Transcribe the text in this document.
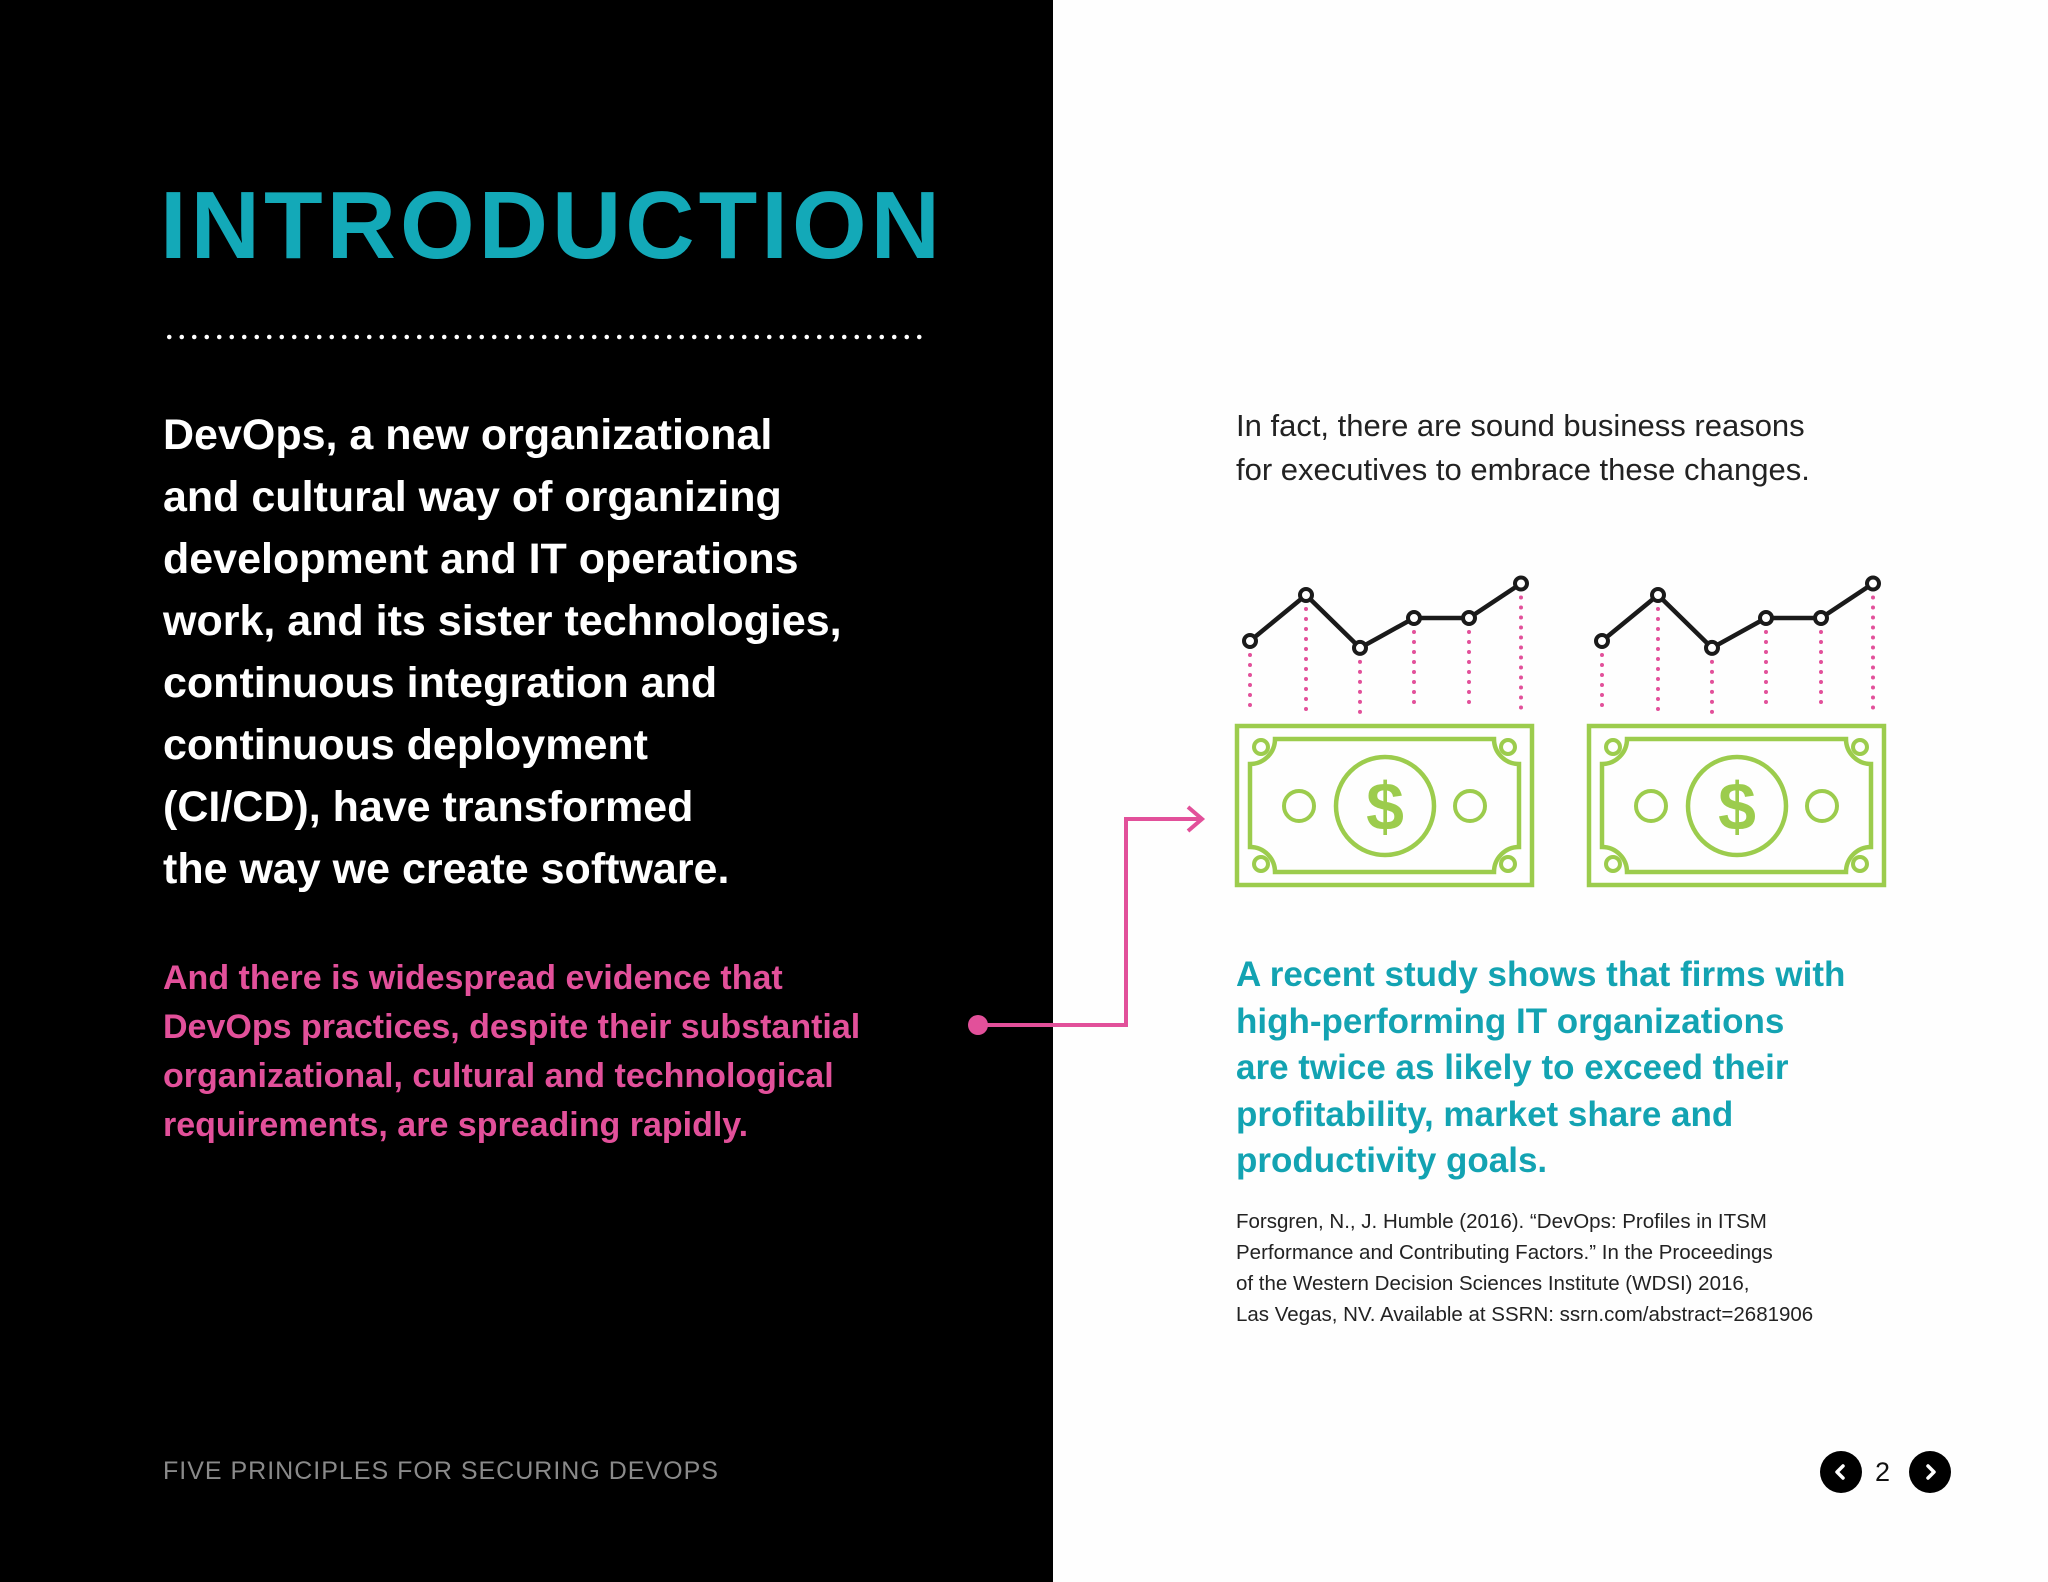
INTRODUCTION

DevOps, a new organizational
and cultural way of organizing
development and IT operations
work, and its sister technologies,
continuous integration and
continuous deployment
(CI/CD), have transformed
the way we create software.

And there is widespread evidence that
DevOps practices, despite their substantial
organizational, cultural and technological
requirements, are spreading rapidly.

FIVE PRINCIPLES FOR SECURING DEVOPS

In fact, there are sound business reasons
for executives to embrace these changes.

$	$

A recent study shows that firms with
high-performing IT organizations
are twice as likely to exceed their
profitability, market share and
productivity goals.

Forsgren, N., J. Humble (2016). “DevOps: Profiles in ITSM
Performance and Contributing Factors.” In the Proceedings
of the Western Decision Sciences Institute (WDSI) 2016,
Las Vegas, NV. Available at SSRN: ssrn.com/abstract=2681906

2
